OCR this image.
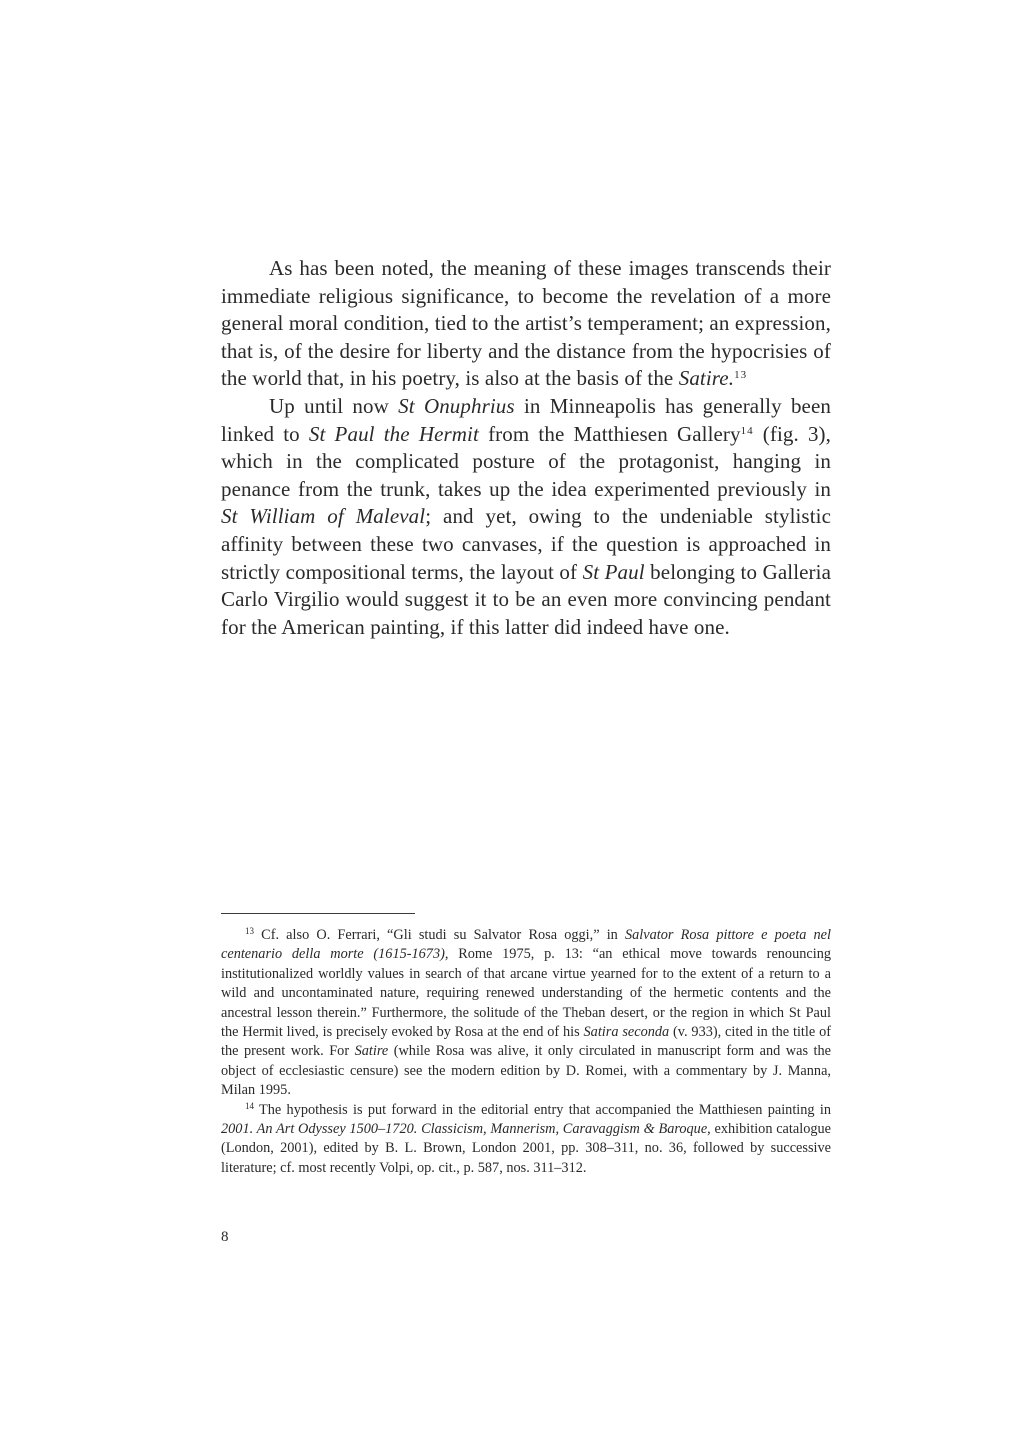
As has been noted, the meaning of these images transcends their immediate religious significance, to become the revelation of a more general moral condition, tied to the artist’s temperament; an expression, that is, of the desire for liberty and the distance from the hypocrisies of the world that, in his poetry, is also at the basis of the Satire.$^{13}$

Up until now St Onuphrius in Minneapolis has generally been linked to St Paul the Hermit from the Matthiesen Gallery$^{14}$ (fig. 3), which in the complicated posture of the protagonist, hanging in penance from the trunk, takes up the idea experimented previously in St William of Maleval; and yet, owing to the undeniable stylistic affinity between these two canvases, if the question is approached in strictly compositional terms, the layout of St Paul belonging to Galleria Carlo Virgilio would suggest it to be an even more convincing pendant for the American painting, if this latter did indeed have one.

$^{13}$ Cf. also O. Ferrari, “Gli studi su Salvator Rosa oggi,” in Salvator Rosa pittore e poeta nel centenario della morte (1615-1673), Rome 1975, p. 13: “an ethical move towards renouncing institutionalized worldly values in search of that arcane virtue yearned for to the extent of a return to a wild and uncontaminated nature, requiring renewed understanding of the hermetic contents and the ancestral lesson therein.” Furthermore, the solitude of the Theban desert, or the region in which St Paul the Hermit lived, is precisely evoked by Rosa at the end of his Satira seconda (v. 933), cited in the title of the present work. For Satire (while Rosa was alive, it only circulated in manuscript form and was the object of ecclesiastic censure) see the modern edition by D. Romei, with a commentary by J. Manna, Milan 1995.

$^{14}$ The hypothesis is put forward in the editorial entry that accompanied the Matthiesen painting in 2001. An Art Odyssey 1500–1720. Classicism, Mannerism, Caravaggism & Baroque, exhibition catalogue (London, 2001), edited by B. L. Brown, London 2001, pp. 308–311, no. 36, followed by successive literature; cf. most recently Volpi, op. cit., p. 587, nos. 311–312.

8
